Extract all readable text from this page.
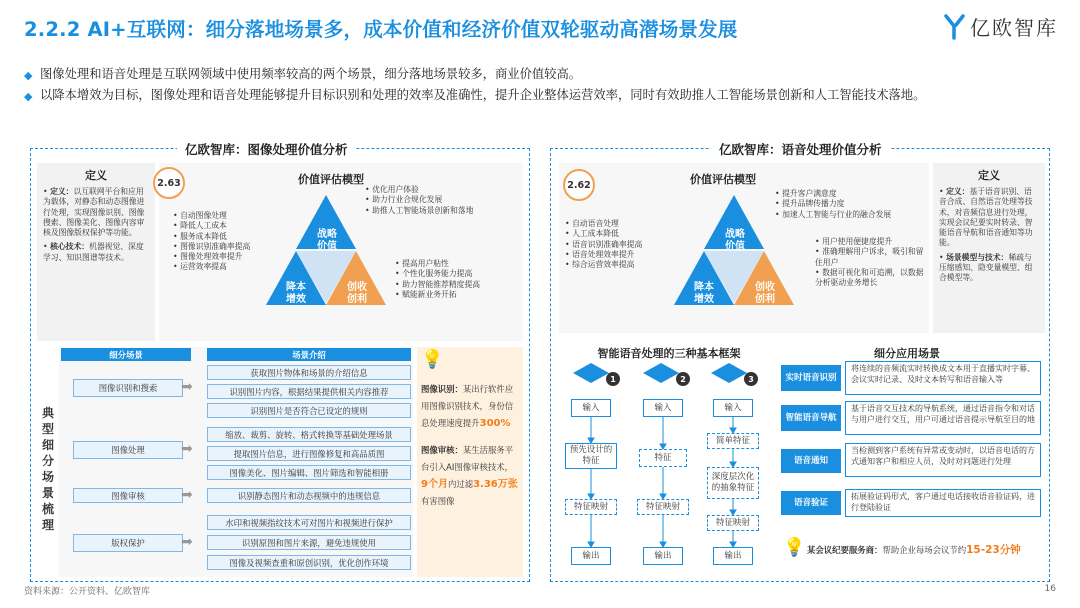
2.2.2 AI+互联网：细分落地场景多，成本价值和经济价值双轮驱动高潜场景发展	亿欧智库
◆ 图像处理和语音处理是互联网领域中使用频率较高的两个场景，细分落地场景较多，商业价值较高。
◆ 以降本增效为目标，图像处理和语音处理能够提升目标识别和处理的效率及准确性，提升企业整体运营效率，同时有效助推人工智能场景创新和人工智能技术落地。
亿欧智库：图像处理价值分析
定义
• 定义：以互联网平台和应用为载体，对静态和动态图像进行处理，实现图像识别、图像搜索、图像美化、图像内容审核及图像版权保护等功能。
• 核心技术：机器视觉、深度学习、知识图谱等技术。
2.63	价值评估模型
战略
价值
降本
增效
创收
创利
• 优化用户体验
• 助力行业合规化发展
• 助推人工智能场景创新和落地
• 自动图像处理
• 降低人工成本
• 服务成本降低
• 图像识别准确率提高
• 图像处理效率提升
• 运营效率提高	• 提高用户粘性
• 个性化服务能力提高
• 助力智能推荐精度提高
• 赋能新业务开拓
典型细分场景梳理
细分场景	场景介绍
图像识别和搜索	➡
获取图片物体和场景的介绍信息
识别图片内容，根据结果提供相关内容推荐
识别图片是否符合已设定的规则
图像处理	➡
缩放、裁剪、旋转、格式转换等基础处理场景
提取图片信息，进行图像修复和高品质图
图像美化、图片编辑、图片筛选和智能相册
图像审核	➡	识别静态图片和动态视频中的违规信息
版权保护	➡
水印和视频指纹技术可对图片和视频进行保护
识别原图和图片来源，避免违规使用
图像及视频查重和原创识别，优化创作环境
图像识别：某出行软件应用图像识别技术，身份信息处理速度提升300%
图像审核：某生活服务平台引入AI图像审核技术，9个月内过滤3.36万张有害图像
💡
亿欧智库：语音处理价值分析
2.62	价值评估模型
战略
价值
降本
增效
创收
创利
• 提升客户满意度
• 提升品牌传播力度
• 加速人工智能与行业的融合发展
• 自动语音处理
• 人工成本降低
• 语音识别准确率提高
• 语音处理效率提升
• 综合运营效率提高
• 用户使用便捷度提升
• 准确理解用户诉求，吸引和留住用户
• 数据可视化和可追溯，以数据分析驱动业务增长
定义
• 定义：基于语音识别、语音合成、自然语言处理等技术，对音频信息进行处理，实现会议纪要实时转录、智能语音导航和语音通知等功能。
• 场景模型与技术：稀疏与压缩感知、隐变量模型、组合模型等。
智能语音处理的三种基本框架
1
输入
预先设计的特征
特征映射
输出
2
输入
特征
特征映射
输出
3
输入
简单特征
深度层次化的抽象特征
特征映射
输出
细分应用场景
实时语音识别
将连续的音频流实时转换成文本用于直播实时字幕、会议实时记录、及时文本转写和语音输入等
智能语音导航
基于语音交互技术的导航系统，通过语音指令和对话与用户进行交互，用户可通过语音提示导航至目的地
语音通知
当检测到客户系统有异常或变动时，以语音电话的方式通知客户和相应人员，及时对问题进行处理
语音验证
拓展验证码形式，客户通过电话接收语音验证码，进行登陆验证
💡 某会议纪要服务商：帮助企业每场会议节约15-23分钟
资料来源：公开资料、亿欧智库	16
